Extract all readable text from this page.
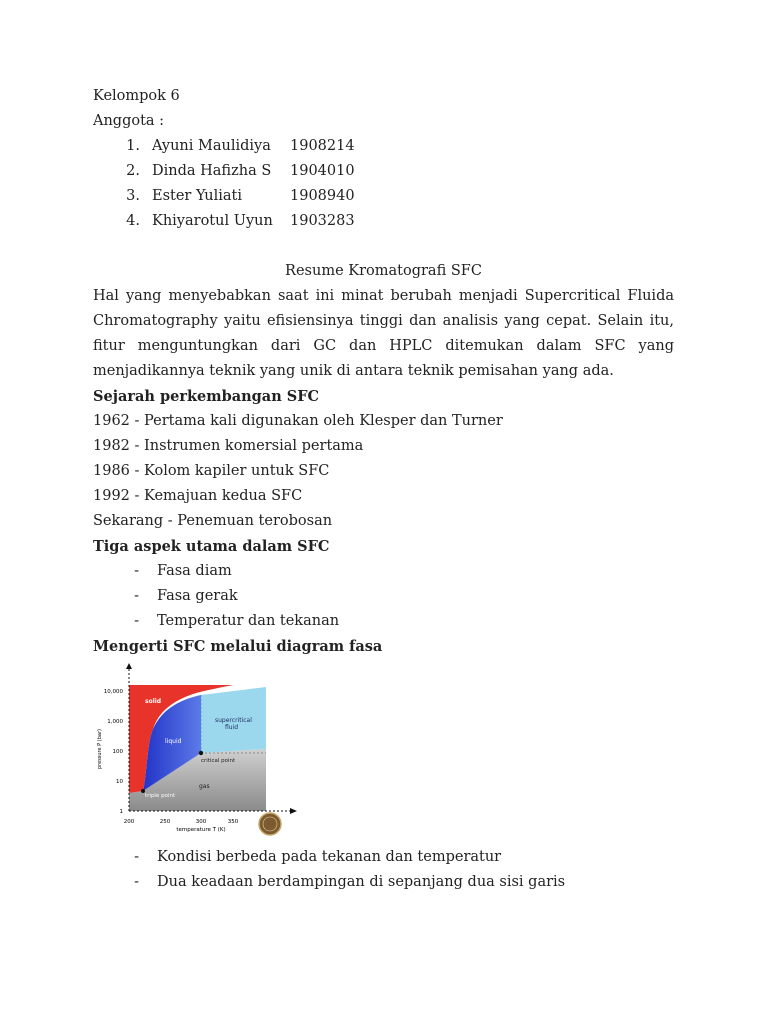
Kelompok 6
Anggota :
1. Ayuni Maulidiya	1908214
2. Dinda Hafizha S	1904010
3. Ester Yuliati	1908940
4. Khiyarotul Uyun	1903283
Resume Kromatografi SFC
Hal yang menyebabkan saat ini minat berubah menjadi Supercritical Fluida Chromatography yaitu efisiensinya tinggi dan analisis yang cepat. Selain itu, fitur menguntungkan dari GC dan HPLC ditemukan dalam SFC yang menjadikannya teknik yang unik di antara teknik pemisahan yang ada.
Sejarah perkembangan SFC
1962 - Pertama kali digunakan oleh Klesper dan Turner
1982 - Instrumen komersial pertama
1986 - Kolom kapiler untuk SFC
1992 - Kemajuan kedua SFC
Sekarang - Penemuan terobosan
Tiga aspek utama dalam SFC
- Fasa diam
- Fasa gerak
- Temperatur dan tekanan
Mengerti SFC melalui diagram fasa
solid
liquid
supercritical
fluid
gas
critical point
triple point
1
10
100
1,000
10,000
pressure P (bar)
200	250	300	350
temperature T (K)
- Kondisi berbeda pada tekanan dan temperatur
- Dua keadaan berdampingan di sepanjang dua sisi garis
